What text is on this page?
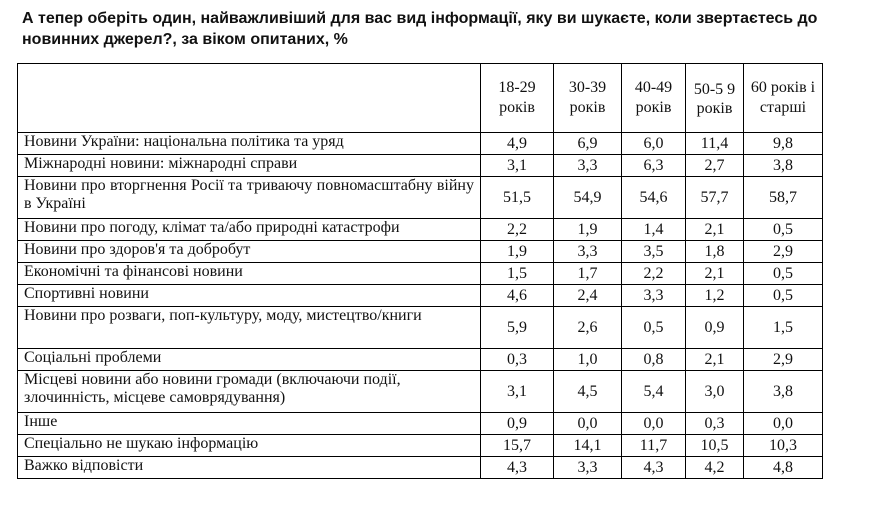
А тепер оберіть один, найважливіший для вас вид інформації, яку ви шукаєте, коли звертаєтесь до новинних джерел?, за віком опитаних, %
	18-29 років	30-39 років	40-49 років	50-5 9 років	60 років і старші
Новини України: національна політика та уряд	4,9	6,9	6,0	11,4	9,8
Міжнародні новини: міжнародні справи	3,1	3,3	6,3	2,7	3,8
Новини про вторгнення Росії та триваючу повномасштабну війну в Україні	51,5	54,9	54,6	57,7	58,7
Новини про погоду, клімат та/або природні катастрофи	2,2	1,9	1,4	2,1	0,5
Новини про здоров'я та добробут	1,9	3,3	3,5	1,8	2,9
Економічні та фінансові новини	1,5	1,7	2,2	2,1	0,5
Спортивні новини	4,6	2,4	3,3	1,2	0,5
Новини про розваги, поп-культуру, моду, мистецтво/книги	5,9	2,6	0,5	0,9	1,5
Соціальні проблеми	0,3	1,0	0,8	2,1	2,9
Місцеві новини або новини громади (включаючи події, злочинність, місцеве самоврядування)	3,1	4,5	5,4	3,0	3,8
Інше	0,9	0,0	0,0	0,3	0,0
Спеціально не шукаю інформацію	15,7	14,1	11,7	10,5	10,3
Важко відповісти	4,3	3,3	4,3	4,2	4,8
